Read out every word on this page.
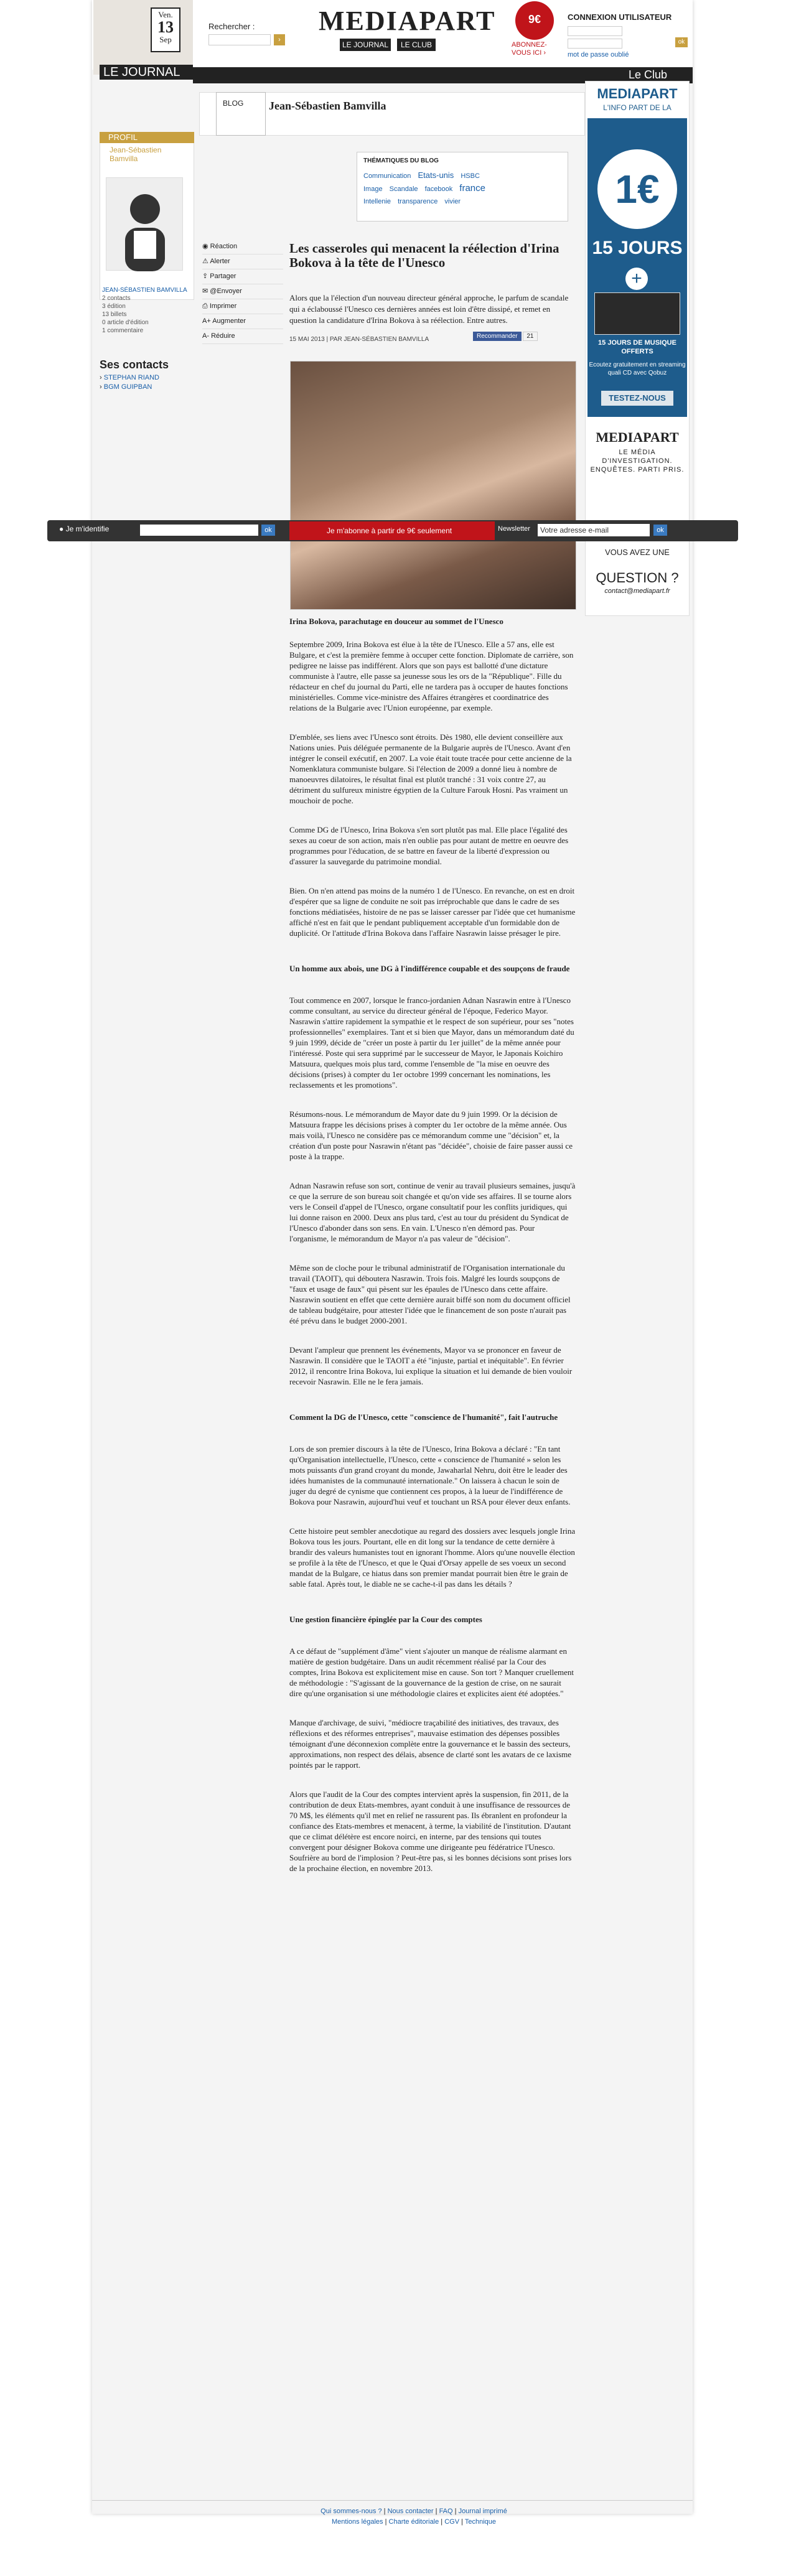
LE JOURNAL
Ven.
13
Sep
Rechercher :
›
MEDIAPART
LE JOURNAL	LE CLUB
9€
ABONNEZ-VOUS ICI ›
CONNEXION UTILISATEUR
ok
mot de passe oublié
Le Club
PROFIL
Jean-Sébastien Bamvilla
JEAN-SÉBASTIEN BAMVILLA
2 contacts
3 édition
13 billets
0 article d'édition
1 commentaire
Ses contacts
› STEPHAN RIAND
› BGM GUIPBAN
BLOG	Jean-Sébastien Bamvilla
THÉMATIQUES DU BLOG
Communication Etats-unis HSBC
Image Scandale facebook france
Intellenie transparence vivier
◉ Réaction
⚠ Alerter
⇪ Partager
✉ @Envoyer
⎙ Imprimer
A+ Augmenter
A- Réduire
Les casseroles qui menacent la réélection d'Irina Bokova à la tête de l'Unesco
Alors que la l'élection d'un nouveau directeur général approche, le parfum de scandale qui a éclaboussé l'Unesco ces dernières années est loin d'être dissipé, et remet en question la candidature d'Irina Bokova à sa réélection. Entre autres.
15 MAI 2013 | PAR JEAN-SÉBASTIEN BAMVILLA	Recommander 21
MEDIAPART
L'INFO PART DE LA
1€
15 JOURS
+
15 JOURS DE MUSIQUE OFFERTS
Ecoutez gratuitement en streaming quali CD avec Qobuz
TESTEZ-NOUS
MEDIAPART
LE MÉDIA D'INVESTIGATION. ENQUÊTES. PARTI PRIS.
VOUS AVEZ UNE
QUESTION ?
contact@mediapart.fr
● Je m'identifie	ok	Je m'abonne à partir de 9€ seulement	Newsletter	Votre adresse e-mail	ok
Irina Bokova, parachutage en douceur au sommet de l'Unesco

Septembre 2009, Irina Bokova est élue à la tête de l'Unesco. Elle a 57 ans, elle est Bulgare, et c'est la première femme à occuper cette fonction. Diplomate de carrière, son pedigree ne laisse pas indifférent. Alors que son pays est ballotté d'une dictature communiste à l'autre, elle passe sa jeunesse sous les ors de la "République". Fille du rédacteur en chef du journal du Parti, elle ne tardera pas à occuper de hautes fonctions ministérielles. Comme vice-ministre des Affaires étrangères et coordinatrice des relations de la Bulgarie avec l'Union européenne, par exemple.

D'emblée, ses liens avec l'Unesco sont étroits. Dès 1980, elle devient conseillère aux Nations unies. Puis déléguée permanente de la Bulgarie auprès de l'Unesco. Avant d'en intégrer le conseil exécutif, en 2007. La voie était toute tracée pour cette ancienne de la Nomenklatura communiste bulgare. Si l'élection de 2009 a donné lieu à nombre de manoeuvres dilatoires, le résultat final est plutôt tranché : 31 voix contre 27, au détriment du sulfureux ministre égyptien de la Culture Farouk Hosni. Pas vraiment un mouchoir de poche.

Comme DG de l'Unesco, Irina Bokova s'en sort plutôt pas mal. Elle place l'égalité des sexes au coeur de son action, mais n'en oublie pas pour autant de mettre en oeuvre des programmes pour l'éducation, de se battre en faveur de la liberté d'expression ou d'assurer la sauvegarde du patrimoine mondial.

Bien. On n'en attend pas moins de la numéro 1 de l'Unesco. En revanche, on est en droit d'espérer que sa ligne de conduite ne soit pas irréprochable que dans le cadre de ses fonctions médiatisées, histoire de ne pas se laisser caresser par l'idée que cet humanisme affiché n'est en fait que le pendant publiquement acceptable d'un formidable don de duplicité. Or l'attitude d'Irina Bokova dans l'affaire Nasrawin laisse présager le pire.

Un homme aux abois, une DG à l'indifférence coupable et des soupçons de fraude

Tout commence en 2007, lorsque le franco-jordanien Adnan Nasrawin entre à l'Unesco comme consultant, au service du directeur général de l'époque, Federico Mayor. Nasrawin s'attire rapidement la sympathie et le respect de son supérieur, pour ses "notes professionnelles" exemplaires. Tant et si bien que Mayor, dans un mémorandum daté du 9 juin 1999, décide de "créer un poste à partir du 1er juillet" de la même année pour l'intéressé. Poste qui sera supprimé par le successeur de Mayor, le Japonais Koichiro Matsuura, quelques mois plus tard, comme l'ensemble de "la mise en oeuvre des décisions (prises) à compter du 1er octobre 1999 concernant les nominations, les reclassements et les promotions".

Résumons-nous. Le mémorandum de Mayor date du 9 juin 1999. Or la décision de Matsuura frappe les décisions prises à compter du 1er octobre de la même année. Ous mais voilà, l'Unesco ne considère pas ce mémorandum comme une "décision" et, la création d'un poste pour Nasrawin n'étant pas "décidée", choisie de faire passer aussi ce poste à la trappe.

Adnan Nasrawin refuse son sort, continue de venir au travail plusieurs semaines, jusqu'à ce que la serrure de son bureau soit changée et qu'on vide ses affaires. Il se tourne alors vers le Conseil d'appel de l'Unesco, organe consultatif pour les conflits juridiques, qui lui donne raison en 2000. Deux ans plus tard, c'est au tour du président du Syndicat de l'Unesco d'abonder dans son sens. En vain. L'Unesco n'en démord pas. Pour l'organisme, le mémorandum de Mayor n'a pas valeur de "décision".

Même son de cloche pour le tribunal administratif de l'Organisation internationale du travail (TAOIT), qui déboutera Nasrawin. Trois fois. Malgré les lourds soupçons de "faux et usage de faux" qui pèsent sur les épaules de l'Unesco dans cette affaire. Nasrawin soutient en effet que cette dernière aurait biffé son nom du document officiel de tableau budgétaire, pour attester l'idée que le financement de son poste n'aurait pas été prévu dans le budget 2000-2001.

Devant l'ampleur que prennent les événements, Mayor va se prononcer en faveur de Nasrawin. Il considère que le TAOIT a été "injuste, partial et inéquitable". En février 2012, il rencontre Irina Bokova, lui explique la situation et lui demande de bien vouloir recevoir Nasrawin. Elle ne le fera jamais.

Comment la DG de l'Unesco, cette "conscience de l'humanité", fait l'autruche

Lors de son premier discours à la tête de l'Unesco, Irina Bokova a déclaré : "En tant qu'Organisation intellectuelle, l'Unesco, cette « conscience de l'humanité » selon les mots puissants d'un grand croyant du monde, Jawaharlal Nehru, doit être le leader des idées humanistes de la communauté internationale." On laissera à chacun le soin de juger du degré de cynisme que contiennent ces propos, à la lueur de l'indifférence de Bokova pour Nasrawin, aujourd'hui veuf et touchant un RSA pour élever deux enfants.

Cette histoire peut sembler anecdotique au regard des dossiers avec lesquels jongle Irina Bokova tous les jours. Pourtant, elle en dit long sur la tendance de cette dernière à brandir des valeurs humanistes tout en ignorant l'homme. Alors qu'une nouvelle élection se profile à la tête de l'Unesco, et que le Quai d'Orsay appelle de ses voeux un second mandat de la Bulgare, ce hiatus dans son premier mandat pourrait bien être le grain de sable fatal. Après tout, le diable ne se cache-t-il pas dans les détails ?

Une gestion financière épinglée par la Cour des comptes

A ce défaut de "supplément d'âme" vient s'ajouter un manque de réalisme alarmant en matière de gestion budgétaire. Dans un audit récemment réalisé par la Cour des comptes, Irina Bokova est explicitement mise en cause. Son tort ? Manquer cruellement de méthodologie : "S'agissant de la gouvernance de la gestion de crise, on ne saurait dire qu'une organisation si une méthodologie claires et explicites aient été adoptées."

Manque d'archivage, de suivi, "médiocre traçabilité des initiatives, des travaux, des réflexions et des réformes entreprises", mauvaise estimation des dépenses possibles témoignant d'une déconnexion complète entre la gouvernance et le bassin des secteurs, approximations, non respect des délais, absence de clarté sont les avatars de ce laxisme pointés par le rapport.

Alors que l'audit de la Cour des comptes intervient après la suspension, fin 2011, de la contribution de deux Etats-membres, ayant conduit à une insuffisance de ressources de 70 M$, les éléments qu'il met en relief ne rassurent pas. Ils ébranlent en profondeur la confiance des Etats-membres et menacent, à terme, la viabilité de l'institution. D'autant que ce climat délétère est encore noirci, en interne, par des tensions qui toutes convergent pour désigner Bokova comme une dirigeante peu fédératrice l'Unesco. Soufrière au bord de l'implosion ? Peut-être pas, si les bonnes décisions sont prises lors de la prochaine élection, en novembre 2013.

Qui sommes-nous ? | Nous contacter | FAQ | Journal imprimé
Mentions légales | Charte éditoriale | CGV | Technique
